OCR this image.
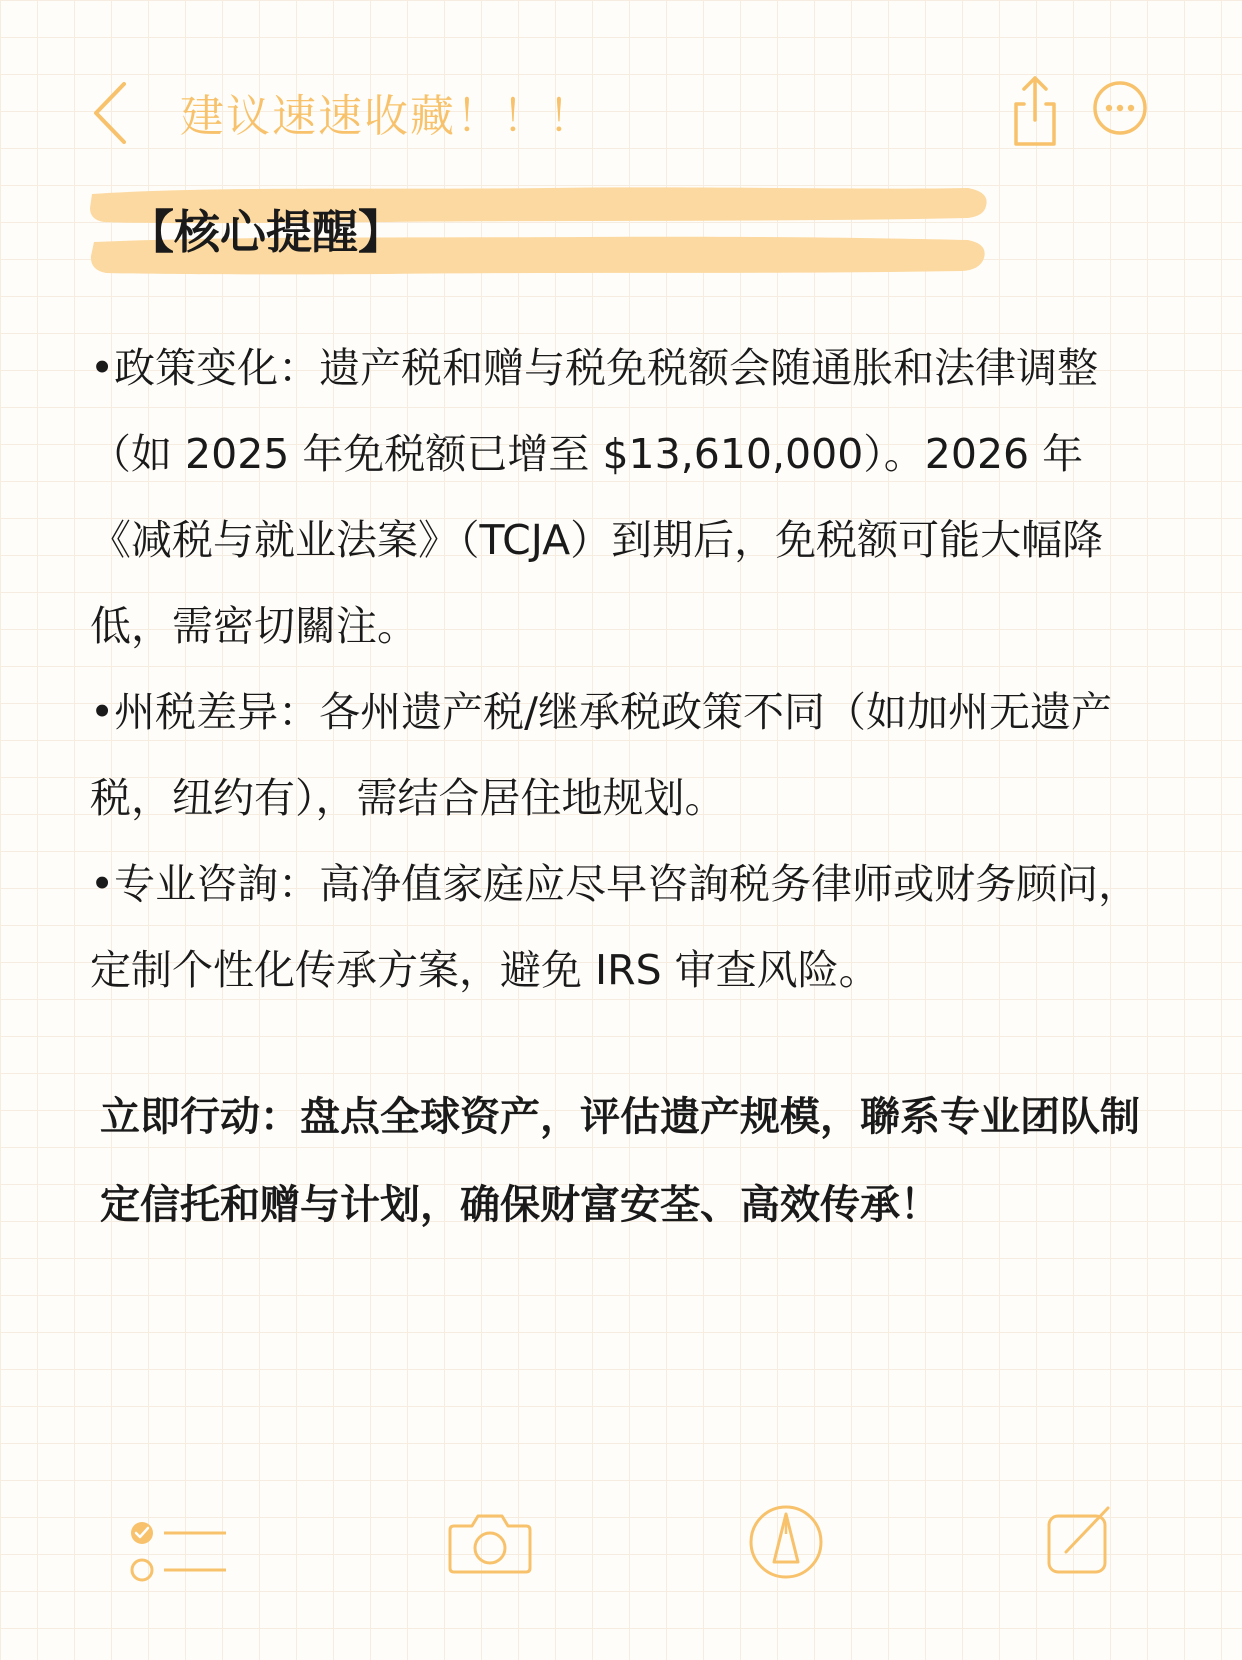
建议速速收藏！！！
【核心提醒】

•政策变化：遗产税和赠与税免税额会随通胀和法律调整（如 2025 年免税额已增至 $13,610,000）。2026 年《减税与就业法案》（TCJA）到期后，免税额可能大幅降低，需密切關注。

•州税差异：各州遗产税/继承税政策不同（如加州无遗产税，纽约有），需结合居住地规划。

•专业咨詢：高净值家庭应尽早咨詢税务律师或财务顾问，定制个性化传承方案，避免 IRS 审查风险。

立即行动：盘点全球资产，评估遗产规模，聯系专业团队制定信托和赠与计划，确保财富安荃、高效传承！
